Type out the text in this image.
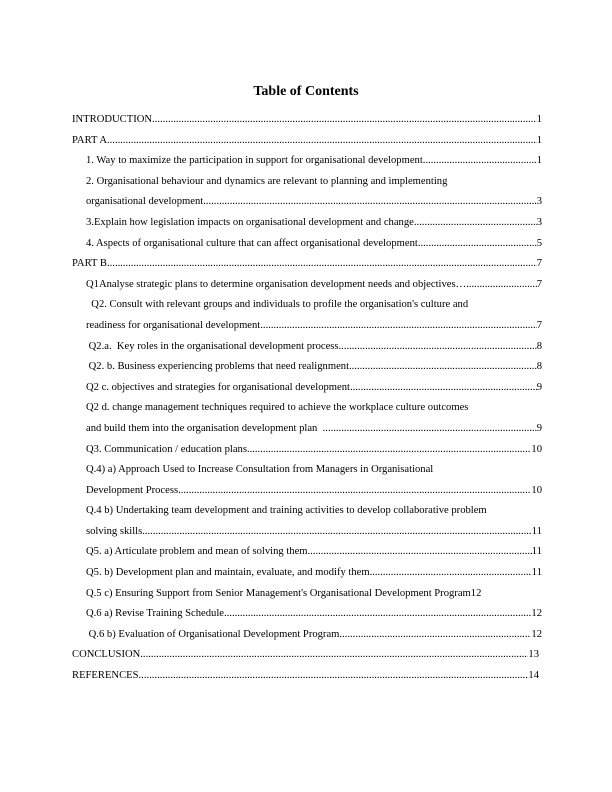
Table of Contents
INTRODUCTION .....	1
PART A .....	1
1. Way to maximize the participation in support for organisational development .....	1
2. Organisational behaviour and dynamics are relevant to planning and implementing
organisational development .....	3
3.Explain how legislation impacts on organisational development and change .....	3
4. Aspects of organisational culture that can affect organisational development .....	5
PART B .....	7
Q1Analyse strategic plans to determine organisation development needs and objectives… .....	7
Q2. Consult with relevant groups and individuals to profile the organisation's culture and
readiness for organisational development .....	7
Q2.a.  Key roles in the organisational development process .....	8
Q2. b. Business experiencing problems that need realignment .....	8
Q2 c. objectives and strategies for organisational development .....	9
Q2 d. change management techniques required to achieve the workplace culture outcomes
and build them into the organisation development plan .....	9
Q3. Communication / education plans .....	10
Q.4) a) Approach Used to Increase Consultation from Managers in Organisational
Development Process .....	10
Q.4 b) Undertaking team development and training activities to develop collaborative problem
solving skills .....	11
Q5. a) Articulate problem and mean of solving them .....	11
Q5. b) Development plan and maintain, evaluate, and modify them .....	11
Q.5 c) Ensuring Support from Senior Management's Organisational Development Program 12
Q.6 a) Revise Training Schedule .....	12
Q.6 b) Evaluation of Organisational Development Program .....	12
CONCLUSION .....	13
REFERENCES .....	14
